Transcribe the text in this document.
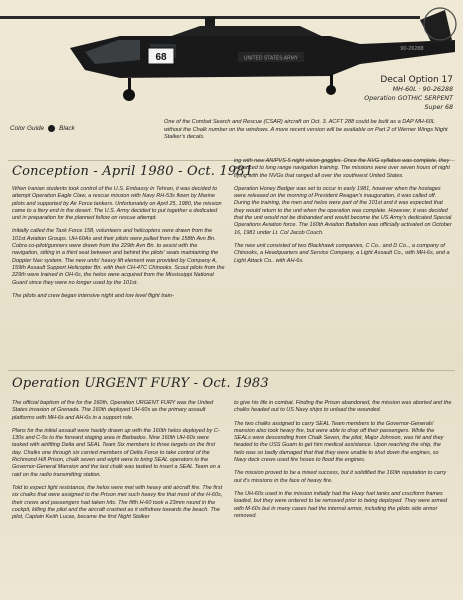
68	UNITED STATES ARMY
90-26288
Decal Option 17
MH-60L · 90-26288
Operation GOTHIC SERPENT
Super 68
Color Guide Black
One of the Combat Search and Rescue (CSAR) aircraft on Oct. 3. ACFT 288 could be built as a DAP MH-60L without the Chalk number on the windows. A more recent version will be available on Part 2 of Werner Wings Night Stalker's decals.
Conception - April 1980 - Oct. 1981

When Iranian students took control of the U.S. Embassy in Tehran, it was decided to attempt Operation Eagle Claw, a rescue mission with Navy RH-53s flown by Marine pilots and supported by Air Force tankers. Unfortunately on April 25, 1980, the mission came to a fiery end in the desert. The U.S. Army decided to put together a dedicated unit in preparation for the planned follow on rescue attempt.

Initially called the Task Force 158, volunteers and helicopters were drawn from the 101st Aviation Groups. UH-60As and their pilots were pulled from the 158th Avn Bn. Cobra co-pilot/gunners were drawn from the 229th Avn Bn. to assist with the navigation, sitting in a third seat between and behind the pilots' seats maintaining the Doppler Nav system. The new units' heavy lift element was provided by Company A, 159th Assault Support Helicopter Bn. with their CH-47C Chinooks. Scout pilots from the 229th were trained in OH-6s, the helos were acquired from the Mississippi National Guard since they were no longer used by the 101st.

The pilots and crew began intensive night and low level flight train-

ing with new AN/PVS-5 night vision goggles. Once the NVG syllabus was complete, they advanced to long range navigation training. The missions were over seven hours of night flying with the NVGs that ranged all over the southwest United States.

Operation Honey Badger was set to occur in early 1981, however when the hostages were released on the morning of President Reagan's inauguration, it was called off. During the training, the men and helos were part of the 101st and it was expected that they would return to the unit when the operation was complete. However, it was decided that the unit would not be disbanded and would become the US Army's dedicated Special Operations Aviation force. The 160th Aviation Battalion was officially activated on October 16, 1981 under Lt. Col Jacob Couch.

The new unit consisted of two Blackhawk companies, C Co.. and D Co.., a company of Chinooks, a Headquarters and Service Company, a Light Assault Co., with MH-6s, and a Light Attack Co.. with AH-6s.

Operation URGENT FURY - Oct. 1983

The official baptism of fire for the 160th, Operation URGENT FURY was the United States invasion of Grenada. The 160th deployed UH-60s as the primary assault platforms with MH-6s and AH-6s in a support role.

Plans for the initial assault were hastily drawn up with the 160th helos deployed by C-130s and C-5s to the forward staging area in Barbados. Nine 160th UH-60s were tasked with airlifting Delta and SEAL Team Six members to three targets on the first day. Chalks one through six carried members of Delta Force to take control of the Richmond Hill Prison, chalk seven and eight were to bring SEAL operators to the Governor-General Mansion and the last chalk was tasked to insert a SEAL Team on a raid on the radio transmitting station.

Told to expect light resistance, the helos were met with heavy anti aircraft fire. The first six chalks that were assigned to the Prison met such heavy fire that most of the H-60s, their crews and passengers had taken hits. The fifth H-60 took a 23mm round in the cockpit, killing the pilot and the aircraft crashed as it withdrew towards the beach. The pilot, Captain Keith Lucas, became the first Night Stalker

to give his life in combat. Finding the Prison abandoned, the mission was aborted and the chalks headed out to US Navy ships to unload the wounded.

The two chalks assigned to carry SEAL Team members to the Governor-Generals' mansion also took heavy fire, but were able to drop off their passengers. While the SEALs were descending from Chalk Seven, the pilot, Major Johnson, was hit and they headed to the USS Guam to get him medical assistance. Upon reaching the ship, the helo was so badly damaged that that they were unable to shut down the engines, so Navy deck crews used fire hoses to flood the engines.

The mission proved to be a mixed success, but it solidified the 160th reputation to carry out it's missions in the face of heavy fire.

The UH-60s used in the mission initially had the Huey fuel tanks and cruciform frames loaded, but they were ordered to be removed prior to being deployed. They were armed with M-60s but in many cases had the internal armor, including the pilots side armor removed.
